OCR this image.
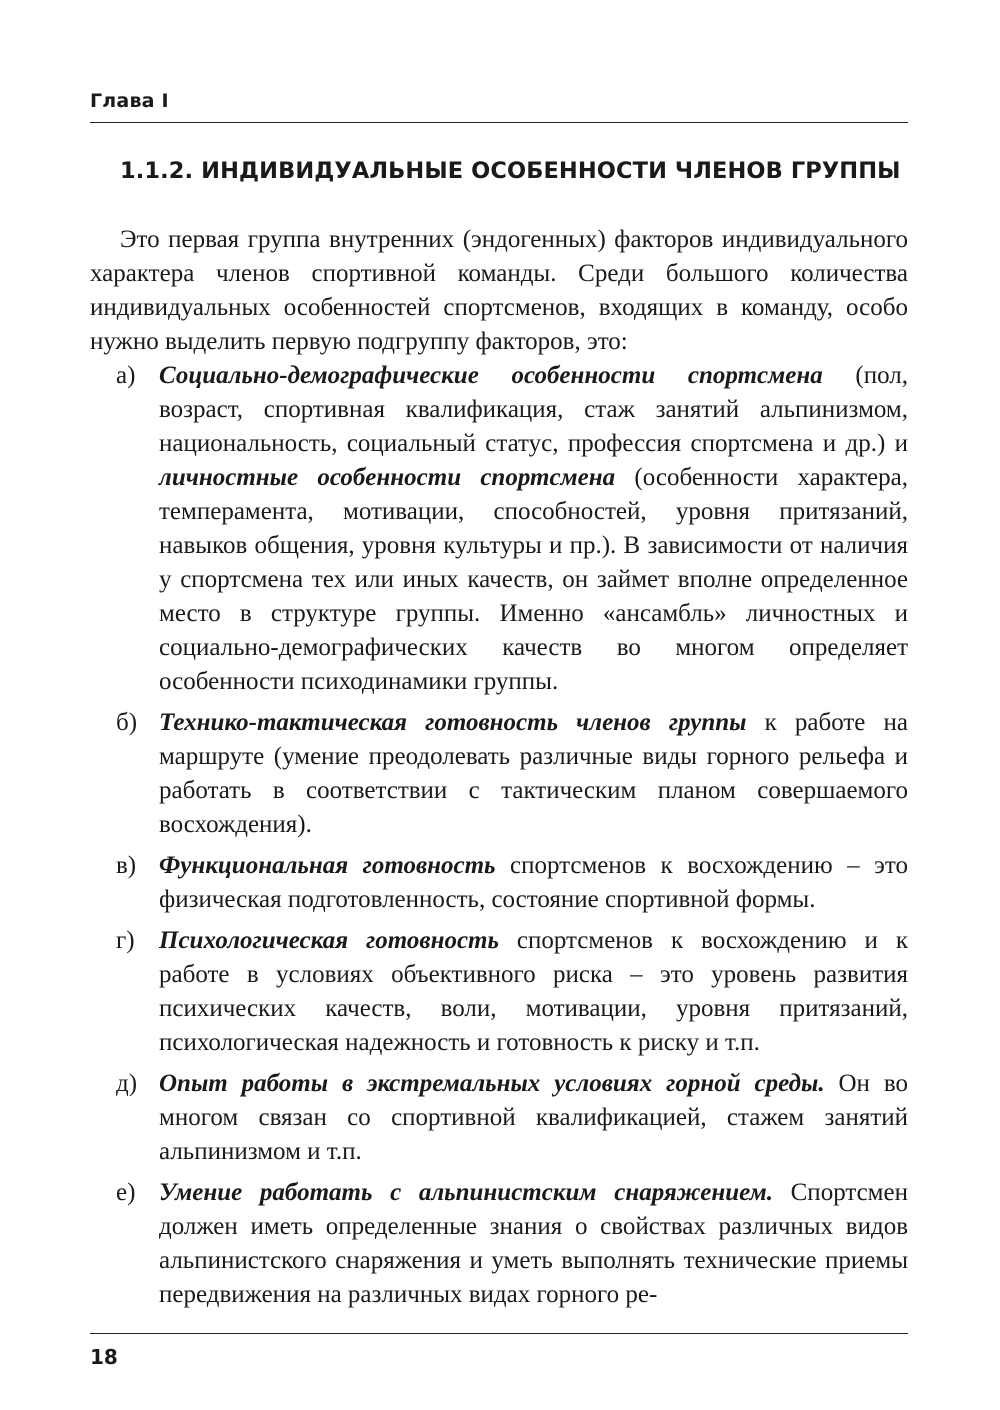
Глава I
1.1.2. ИНДИВИДУАЛЬНЫЕ ОСОБЕННОСТИ ЧЛЕНОВ ГРУППЫ

Это первая группа внутренних (эндогенных) факторов индивидуального характера членов спортивной команды. Среди большого количества индивидуальных особенностей спортсменов, входящих в команду, особо нужно выделить первую подгруппу факторов, это:

а) Социально-демографические особенности спортсмена (пол, возраст, спортивная квалификация, стаж занятий альпинизмом, национальность, социальный статус, профессия спортсмена и др.) и личностные особенности спортсмена (особенности характера, темперамента, мотивации, способностей, уровня притязаний, навыков общения, уровня культуры и пр.). В зависимости от наличия у спортсмена тех или иных качеств, он займет вполне определенное место в структуре группы. Именно «ансамбль» личностных и социально-демографических качеств во многом определяет особенности психодинамики группы.
б) Технико-тактическая готовность членов группы к работе на маршруте (умение преодолевать различные виды горного рельефа и работать в соответствии с тактическим планом совершаемого восхождения).
в) Функциональная готовность спортсменов к восхождению – это физическая подготовленность, состояние спортивной формы.
г) Психологическая готовность спортсменов к восхождению и к работе в условиях объективного риска – это уровень развития психических качеств, воли, мотивации, уровня притязаний, психологическая надежность и готовность к риску и т.п.
д) Опыт работы в экстремальных условиях горной среды. Он во многом связан со спортивной квалификацией, стажем занятий альпинизмом и т.п.
е) Умение работать с альпинистским снаряжением. Спортсмен должен иметь определенные знания о свойствах различных видов альпинистского снаряжения и уметь выполнять технические приемы передвижения на различных видах горного ре-
18
